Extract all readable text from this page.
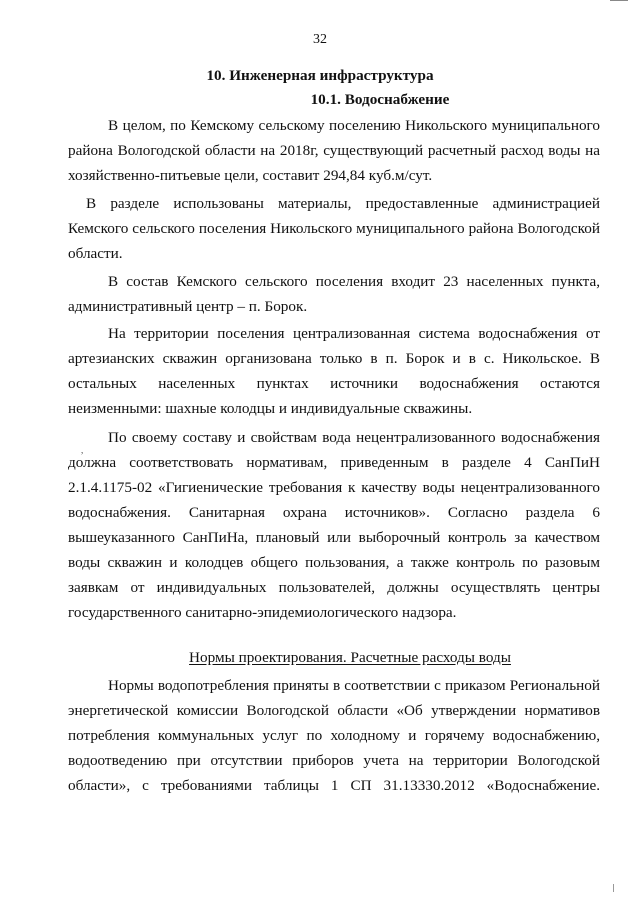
32
10. Инженерная инфраструктура
10.1. Водоснабжение
В целом, по Кемскому сельскому поселению Никольского муниципального
района Вологодской области на 2018г, существующий расчетный расход воды на
хозяйственно-питьевые цели, составит 294,84 куб.м/сут.
В разделе использованы материалы, предоставленные администрацией
Кемского сельского поселения Никольского муниципального района Вологодской
области.
В состав Кемского сельского поселения входит 23 населенных пункта,
административный центр – п. Борок.
На территории поселения централизованная система водоснабжения от
артезианских скважин организована только в п. Борок и в с. Никольское. В
остальных населенных пунктах источники водоснабжения остаются
неизменными: шахные колодцы и индивидуальные скважины.
,
По своему составу и свойствам вода нецентрализованного водоснабжения
должна соответствовать нормативам, приведенным в разделе 4 СанПиН
2.1.4.1175-02 «Гигиенические требования к качеству воды нецентрализованного
водоснабжения. Санитарная охрана источников». Согласно раздела 6
вышеуказанного СанПиНа, плановый или выборочный контроль за качеством
воды скважин и колодцев общего пользования, а также контроль по разовым
заявкам от индивидуальных пользователей, должны осуществлять центры
государственного санитарно-эпидемиологического надзора.
Нормы проектирования. Расчетные расходы воды
Нормы водопотребления приняты в соответствии с приказом Региональной
энергетической комиссии Вологодской области «Об утверждении нормативов
потребления коммунальных услуг по холодному и горячему водоснабжению,
водоотведению при отсутствии приборов учета на территории Вологодской
области», с требованиями таблицы 1 СП 31.13330.2012 «Водоснабжение.
